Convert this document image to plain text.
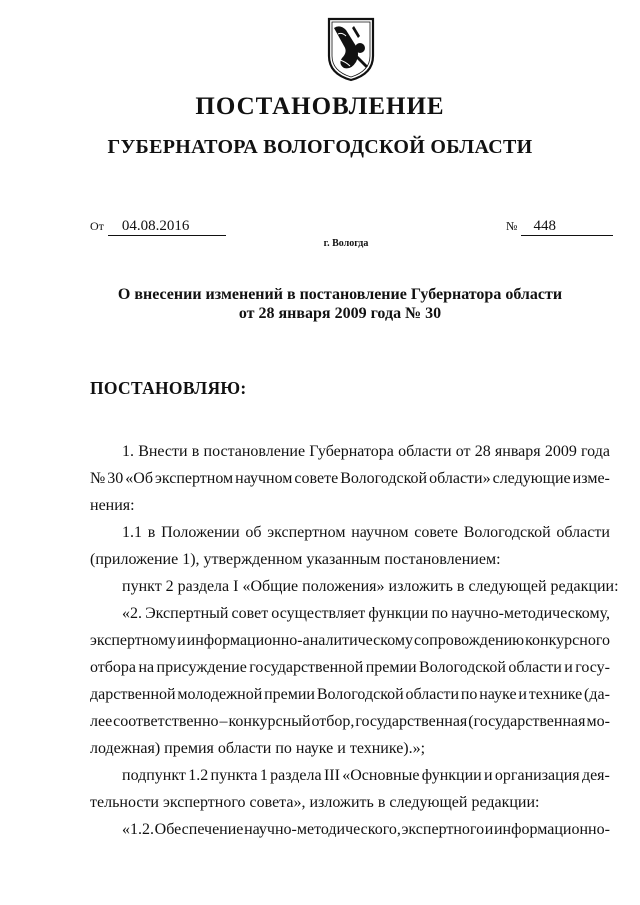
ПОСТАНОВЛЕНИЕ
ГУБЕРНАТОРА ВОЛОГОДСКОЙ ОБЛАСТИ
От 04.08.2016	№ 448
г. Вологда
О внесении изменений в постановление Губернатора области
от 28 января 2009 года № 30
ПОСТАНОВЛЯЮ:
1. Внести в постановление Губернатора области от 28 января 2009 года
№ 30 «Об экспертном научном совете Вологодской области» следующие изме-
нения:
1.1 в Положении об экспертном научном совете Вологодской области
(приложение 1), утвержденном указанным постановлением:
пункт 2 раздела I «Общие положения» изложить в следующей редакции:
«2. Экспертный совет осуществляет функции по научно-методическому,
экспертному и информационно-аналитическому сопровождению конкурсного
отбора на присуждение государственной премии Вологодской области и госу-
дарственной молодежной премии Вологодской области по науке и технике (да-
лее соответственно – конкурсный отбор, государственная (государственная мо-
лодежная) премия области по науке и технике).»;
подпункт 1.2 пункта 1 раздела III «Основные функции и организация дея-
тельности экспертного совета», изложить в следующей редакции:
«1.2. Обеспечение научно-методического, экспертного и информационно-
